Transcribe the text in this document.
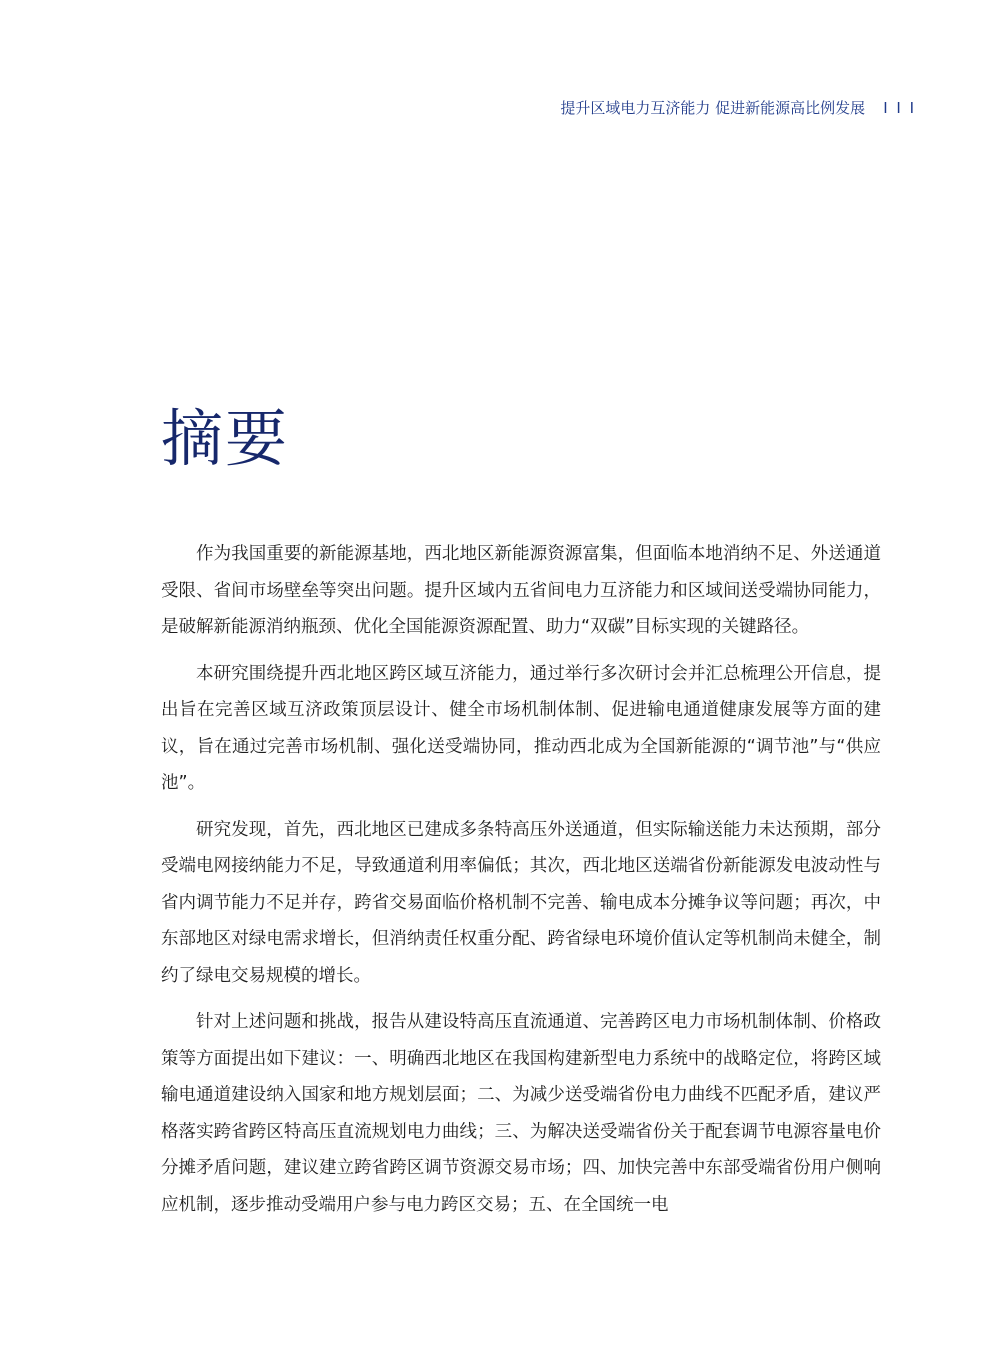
提升区域电力互济能力 促进新能源高比例发展 I I I
摘要

作为我国重要的新能源基地，西北地区新能源资源富集，但面临本地消纳不足、外送通道受限、省间市场壁垒等突出问题。提升区域内五省间电力互济能力和区域间送受端协同能力，是破解新能源消纳瓶颈、优化全国能源资源配置、助力“双碳”目标实现的关键路径。

本研究围绕提升西北地区跨区域互济能力，通过举行多次研讨会并汇总梳理公开信息，提出旨在完善区域互济政策顶层设计、健全市场机制体制、促进输电通道健康发展等方面的建议，旨在通过完善市场机制、强化送受端协同，推动西北成为全国新能源的“调节池”与“供应池”。

研究发现，首先，西北地区已建成多条特高压外送通道，但实际输送能力未达预期，部分受端电网接纳能力不足，导致通道利用率偏低；其次，西北地区送端省份新能源发电波动性与省内调节能力不足并存，跨省交易面临价格机制不完善、输电成本分摊争议等问题；再次，中东部地区对绿电需求增长，但消纳责任权重分配、跨省绿电环境价值认定等机制尚未健全，制约了绿电交易规模的增长。

针对上述问题和挑战，报告从建设特高压直流通道、完善跨区电力市场机制体制、价格政策等方面提出如下建议：一、明确西北地区在我国构建新型电力系统中的战略定位，将跨区域输电通道建设纳入国家和地方规划层面；二、为减少送受端省份电力曲线不匹配矛盾，建议严格落实跨省跨区特高压直流规划电力曲线；三、为解决送受端省份关于配套调节电源容量电价分摊矛盾问题，建议建立跨省跨区调节资源交易市场；四、加快完善中东部受端省份用户侧响应机制，逐步推动受端用户参与电力跨区交易；五、在全国统一电
